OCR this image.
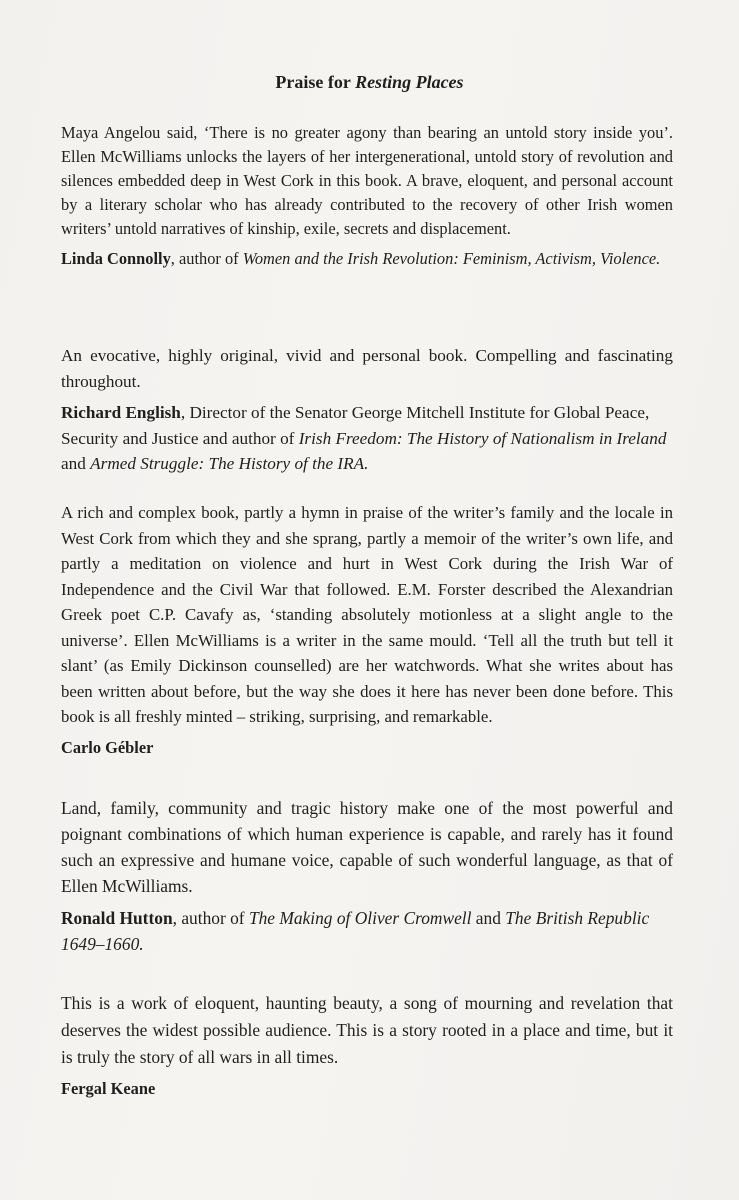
Praise for Resting Places

Maya Angelou said, ‘There is no greater agony than bearing an untold story inside you’. Ellen McWilliams unlocks the layers of her intergenerational, untold story of revolution and silences embedded deep in West Cork in this book. A brave, eloquent, and personal account by a literary scholar who has already contributed to the recovery of other Irish women writers’ untold narratives of kinship, exile, secrets and displacement.

Linda Connolly, author of Women and the Irish Revolution: Feminism, Activism, Violence.

An evocative, highly original, vivid and personal book. Compelling and fascinating throughout.

Richard English, Director of the Senator George Mitchell Institute for Global Peace, Security and Justice and author of Irish Freedom: The History of Nationalism in Ireland and Armed Struggle: The History of the IRA.

A rich and complex book, partly a hymn in praise of the writer’s family and the locale in West Cork from which they and she sprang, partly a memoir of the writer’s own life, and partly a meditation on violence and hurt in West Cork during the Irish War of Independence and the Civil War that followed. E.M. Forster described the Alexandrian Greek poet C.P. Cavafy as, ‘standing absolutely motionless at a slight angle to the universe’. Ellen McWilliams is a writer in the same mould. ‘Tell all the truth but tell it slant’ (as Emily Dickinson counselled) are her watchwords. What she writes about has been written about before, but the way she does it here has never been done before. This book is all freshly minted – striking, surprising, and remarkable.

Carlo Gébler

Land, family, community and tragic history make one of the most powerful and poignant combinations of which human experience is capable, and rarely has it found such an expressive and humane voice, capable of such wonderful language, as that of Ellen McWilliams.

Ronald Hutton, author of The Making of Oliver Cromwell and The British Republic 1649–1660.

This is a work of eloquent, haunting beauty, a song of mourning and revelation that deserves the widest possible audience. This is a story rooted in a place and time, but it is truly the story of all wars in all times.

Fergal Keane
